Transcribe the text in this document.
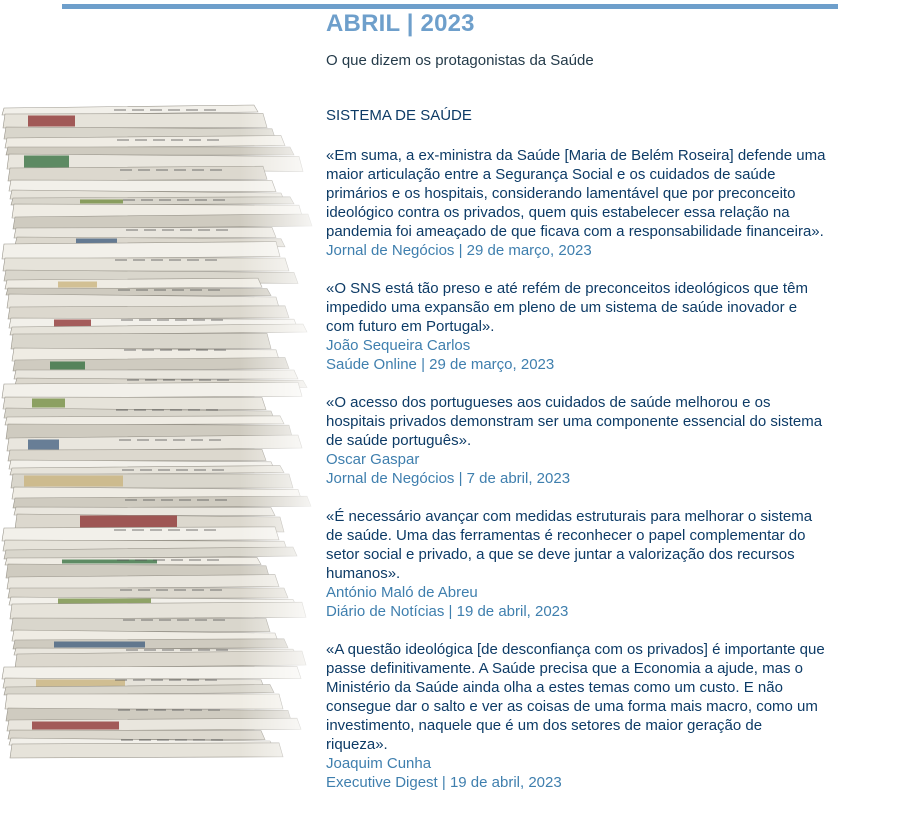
ABRIL | 2023

O que dizem os protagonistas da Saúde

SISTEMA DE SAÚDE

«Em suma, a ex-ministra da Saúde [Maria de Belém Roseira] defende uma maior articulação entre a Segurança Social e os cuidados de saúde primários e os hospitais, considerando lamentável que por preconceito ideológico contra os privados, quem quis estabelecer essa relação na pandemia foi ameaçado de que ficava com a responsabilidade financeira».

Jornal de Negócios | 29 de março, 2023

«O SNS está tão preso e até refém de preconceitos ideológicos que têm impedido uma expansão em pleno de um sistema de saúde inovador e com futuro em Portugal».

João Sequeira Carlos

Saúde Online | 29 de março, 2023

«O acesso dos portugueses aos cuidados de saúde melhorou e os hospitais privados demonstram ser uma componente essencial do sistema de saúde português».

Oscar Gaspar

Jornal de Negócios | 7 de abril, 2023

«É necessário avançar com medidas estruturais para melhorar o sistema de saúde. Uma das ferramentas é reconhecer o papel complementar do setor social e privado, a que se deve juntar a valorização dos recursos humanos».

António Maló de Abreu

Diário de Notícias | 19 de abril, 2023

«A questão ideológica [de desconfiança com os privados] é importante que passe definitivamente. A Saúde precisa que a Economia a ajude, mas o Ministério da Saúde ainda olha a estes temas como um custo. E não consegue dar o salto e ver as coisas de uma forma mais macro, como um investimento, naquele que é um dos setores de maior geração de riqueza».

Joaquim Cunha

Executive Digest | 19 de abril, 2023
